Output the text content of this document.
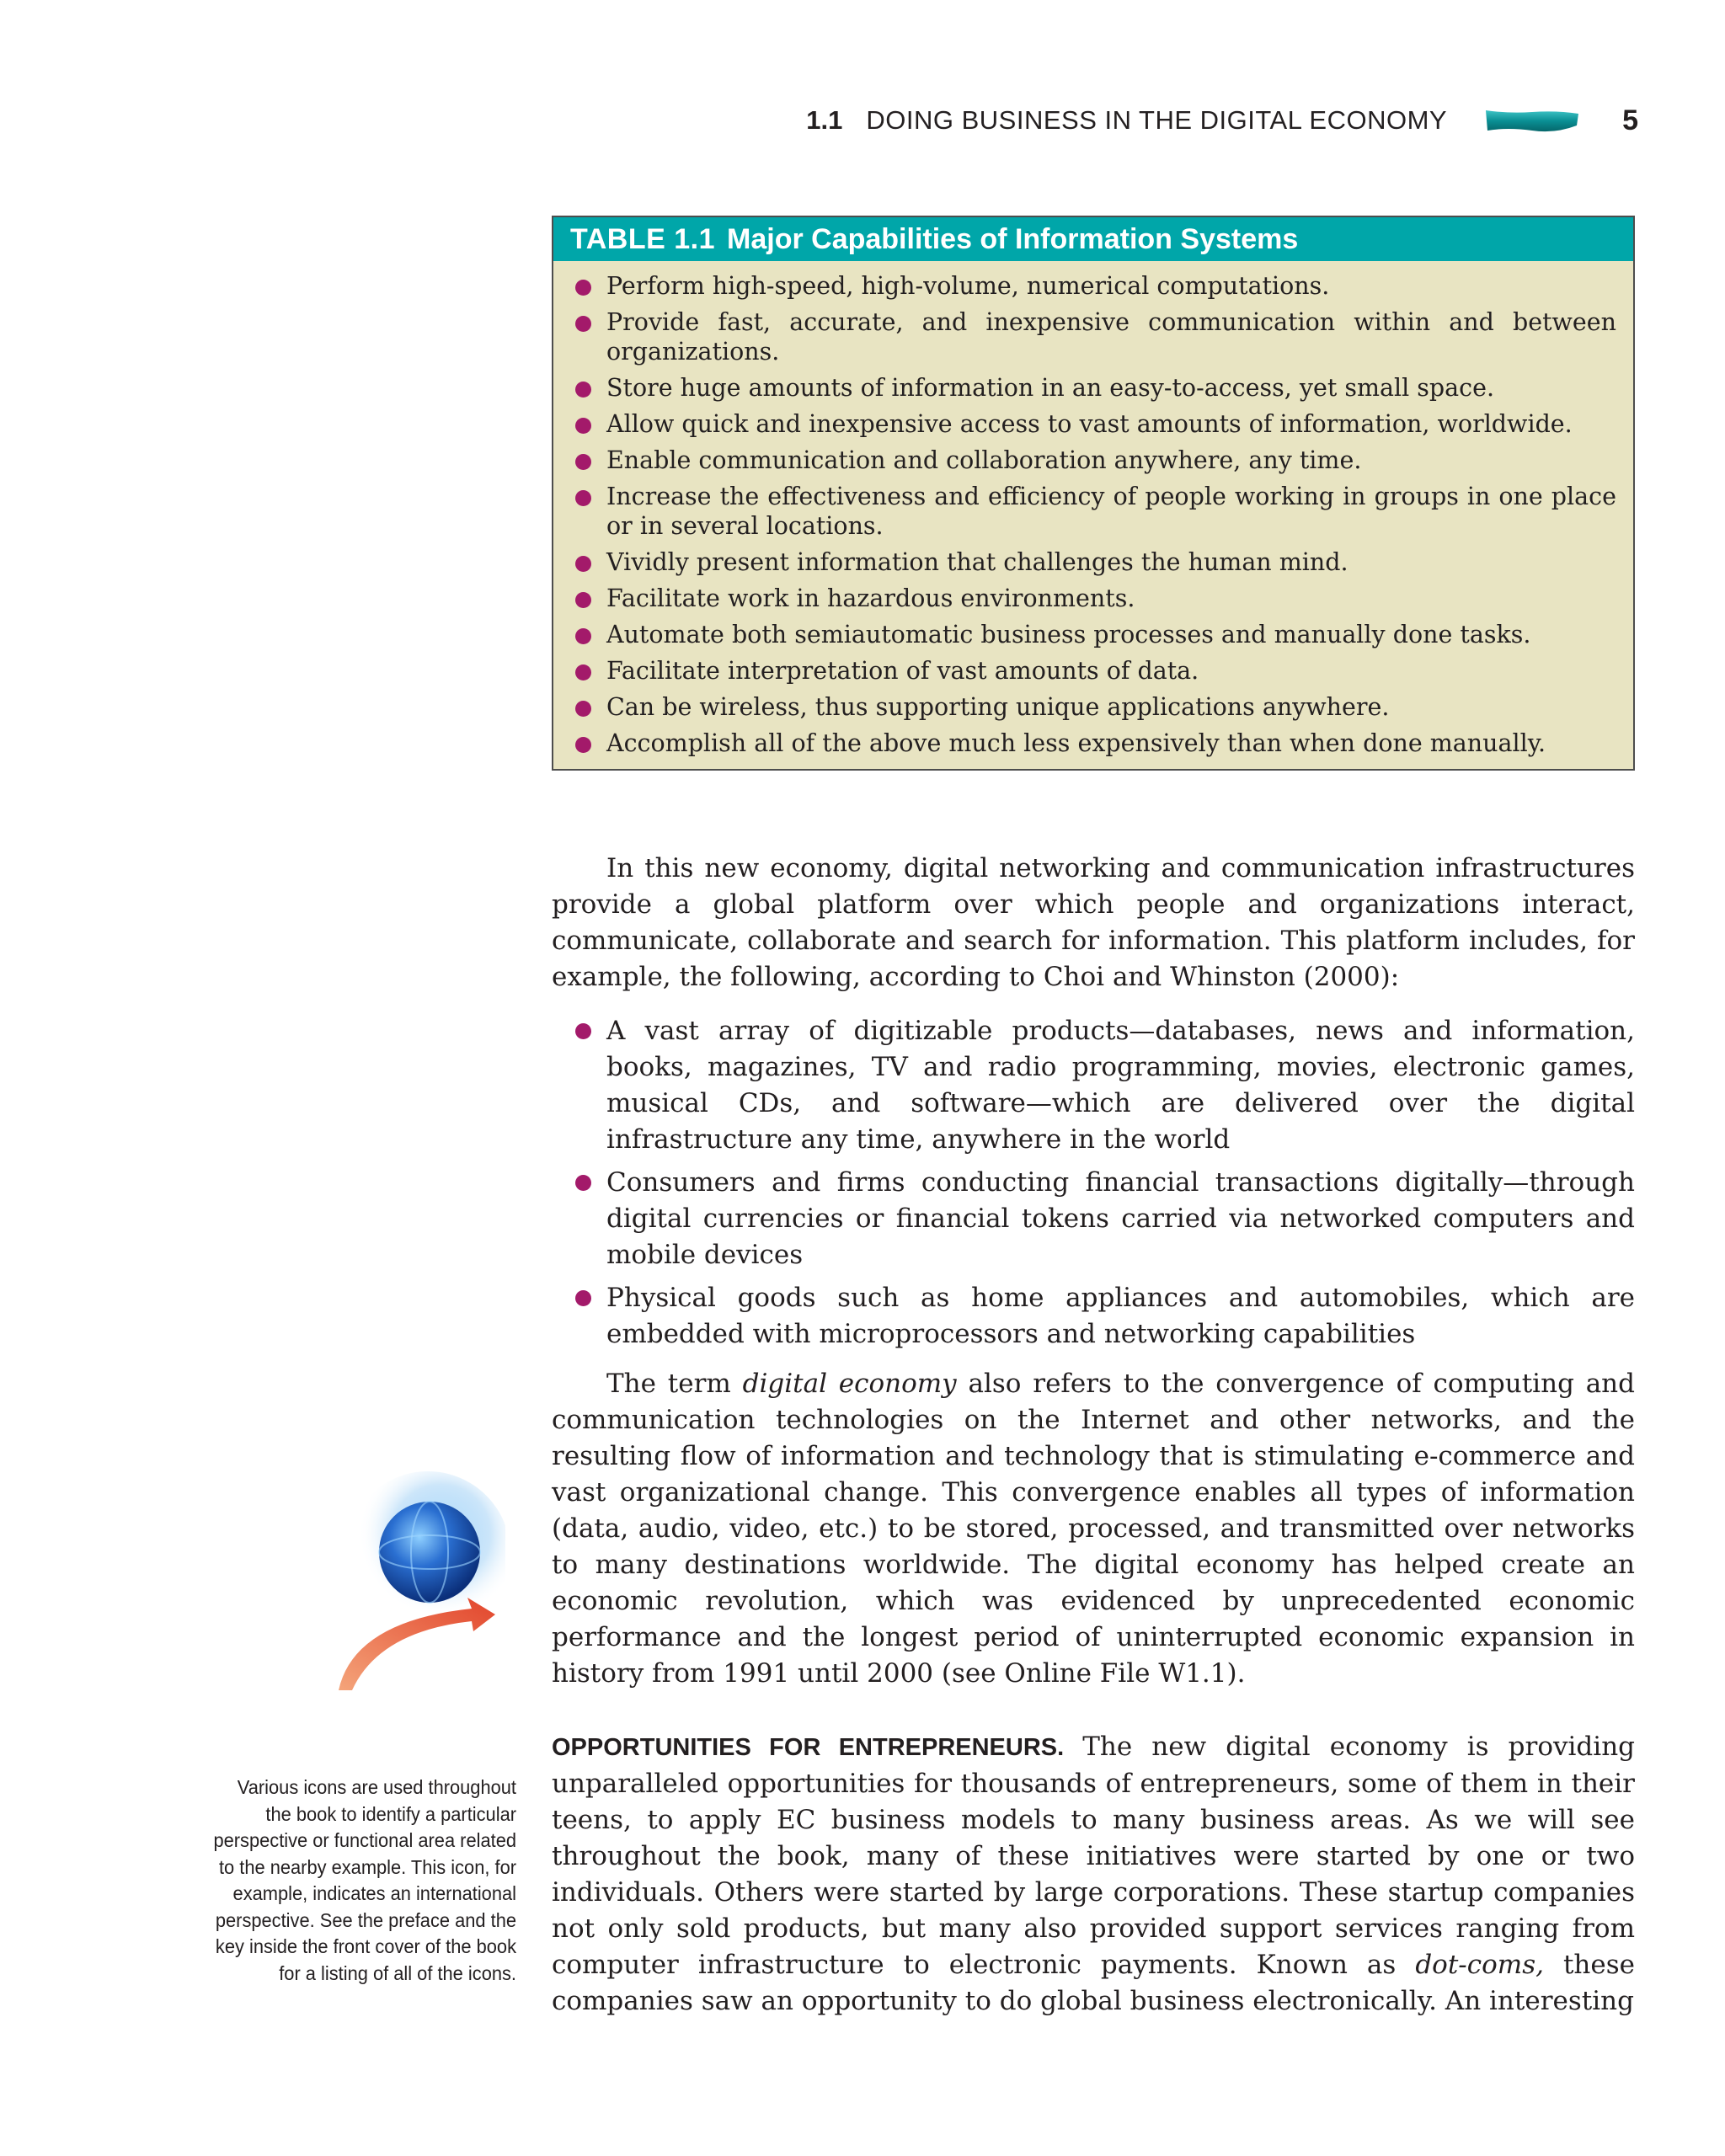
1.1 DOING BUSINESS IN THE DIGITAL ECONOMY	5
TABLE 1.1 Major Capabilities of Information Systems
Perform high-speed, high-volume, numerical computations.
Provide fast, accurate, and inexpensive communication within and between organizations.
Store huge amounts of information in an easy-to-access, yet small space.
Allow quick and inexpensive access to vast amounts of information, worldwide.
Enable communication and collaboration anywhere, any time.
Increase the effectiveness and efficiency of people working in groups in one place or in several locations.
Vividly present information that challenges the human mind.
Facilitate work in hazardous environments.
Automate both semiautomatic business processes and manually done tasks.
Facilitate interpretation of vast amounts of data.
Can be wireless, thus supporting unique applications anywhere.
Accomplish all of the above much less expensively than when done manually.

In this new economy, digital networking and communication infrastructures provide a global platform over which people and organizations interact, communicate, collaborate and search for information. This platform includes, for example, the following, according to Choi and Whinston (2000):

A vast array of digitizable products—databases, news and information, books, magazines, TV and radio programming, movies, electronic games, musical CDs, and software—which are delivered over the digital infrastructure any time, anywhere in the world
Consumers and firms conducting financial transactions digitally—through digital currencies or financial tokens carried via networked computers and mobile devices
Physical goods such as home appliances and automobiles, which are embedded with microprocessors and networking capabilities

The term digital economy also refers to the convergence of computing and communication technologies on the Internet and other networks, and the resulting flow of information and technology that is stimulating e-commerce and vast organizational change. This convergence enables all types of information (data, audio, video, etc.) to be stored, processed, and transmitted over networks to many destinations worldwide. The digital economy has helped create an economic revolution, which was evidenced by unprecedented economic performance and the longest period of uninterrupted economic expansion in history from 1991 until 2000 (see Online File W1.1).

OPPORTUNITIES FOR ENTREPRENEURS. The new digital economy is providing unparalleled opportunities for thousands of entrepreneurs, some of them in their teens, to apply EC business models to many business areas. As we will see throughout the book, many of these initiatives were started by one or two individuals. Others were started by large corporations. These startup companies not only sold products, but many also provided support services ranging from computer infrastructure to electronic payments. Known as dot-coms, these companies saw an opportunity to do global business electronically. An interesting

Various icons are used throughout the book to identify a particular perspective or functional area related to the nearby example. This icon, for example, indicates an international perspective. See the preface and the key inside the front cover of the book for a listing of all of the icons.
